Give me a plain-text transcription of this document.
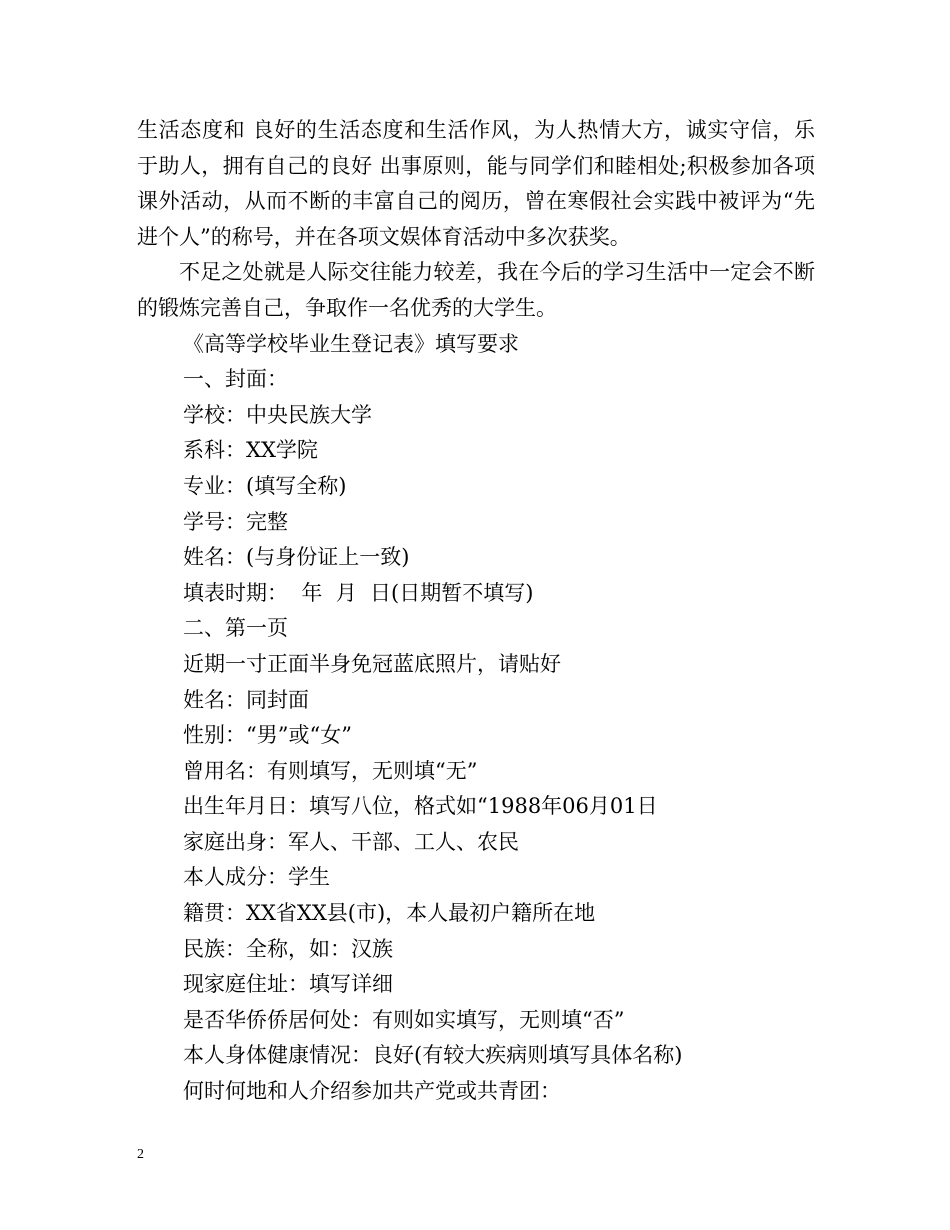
生活态度和 良好的生活态度和生活作风，为人热情大方，诚实守信，乐于助人，拥有自己的良好 出事原则，能与同学们和睦相处;积极参加各项课外活动，从而不断的丰富自己的阅历，曾在寒假社会实践中被评为“先进个人”的称号，并在各项文娱体育活动中多次获奖。

不足之处就是人际交往能力较差，我在今后的学习生活中一定会不断的锻炼完善自己，争取作一名优秀的大学生。

《高等学校毕业生登记表》填写要求
一、封面：
学校：中央民族大学
系科：XX学院
专业：(填写全称)
学号：完整
姓名：(与身份证上一致)
填表时期：  年  月  日(日期暂不填写)
二、第一页
近期一寸正面半身免冠蓝底照片，请贴好
姓名：同封面
性别：“男”或“女”
曾用名：有则填写，无则填“无”
出生年月日：填写八位，格式如“1988年06月01日
家庭出身：军人、干部、工人、农民
本人成分：学生
籍贯：XX省XX县(市)，本人最初户籍所在地
民族：全称，如：汉族
现家庭住址：填写详细
是否华侨侨居何处：有则如实填写，无则填“否”
本人身体健康情况：良好(有较大疾病则填写具体名称)
何时何地和人介绍参加共产党或共青团：
2
